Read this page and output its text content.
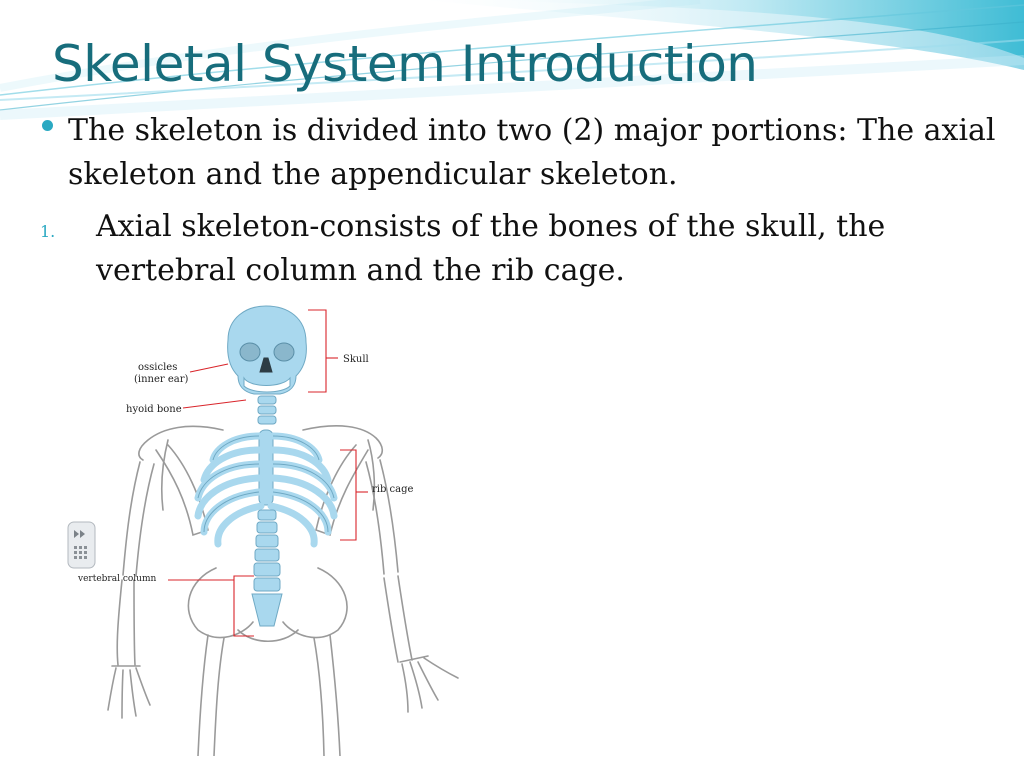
Skeletal System Introduction

The skeleton is divided into two (2) major portions: The axial skeleton and the appendicular skeleton.

1. Axial skeleton-consists of the bones of the skull, the vertebral column and the rib cage.

Skull
ossicles
(inner ear)
hyoid bone
rib cage
vertebral column
